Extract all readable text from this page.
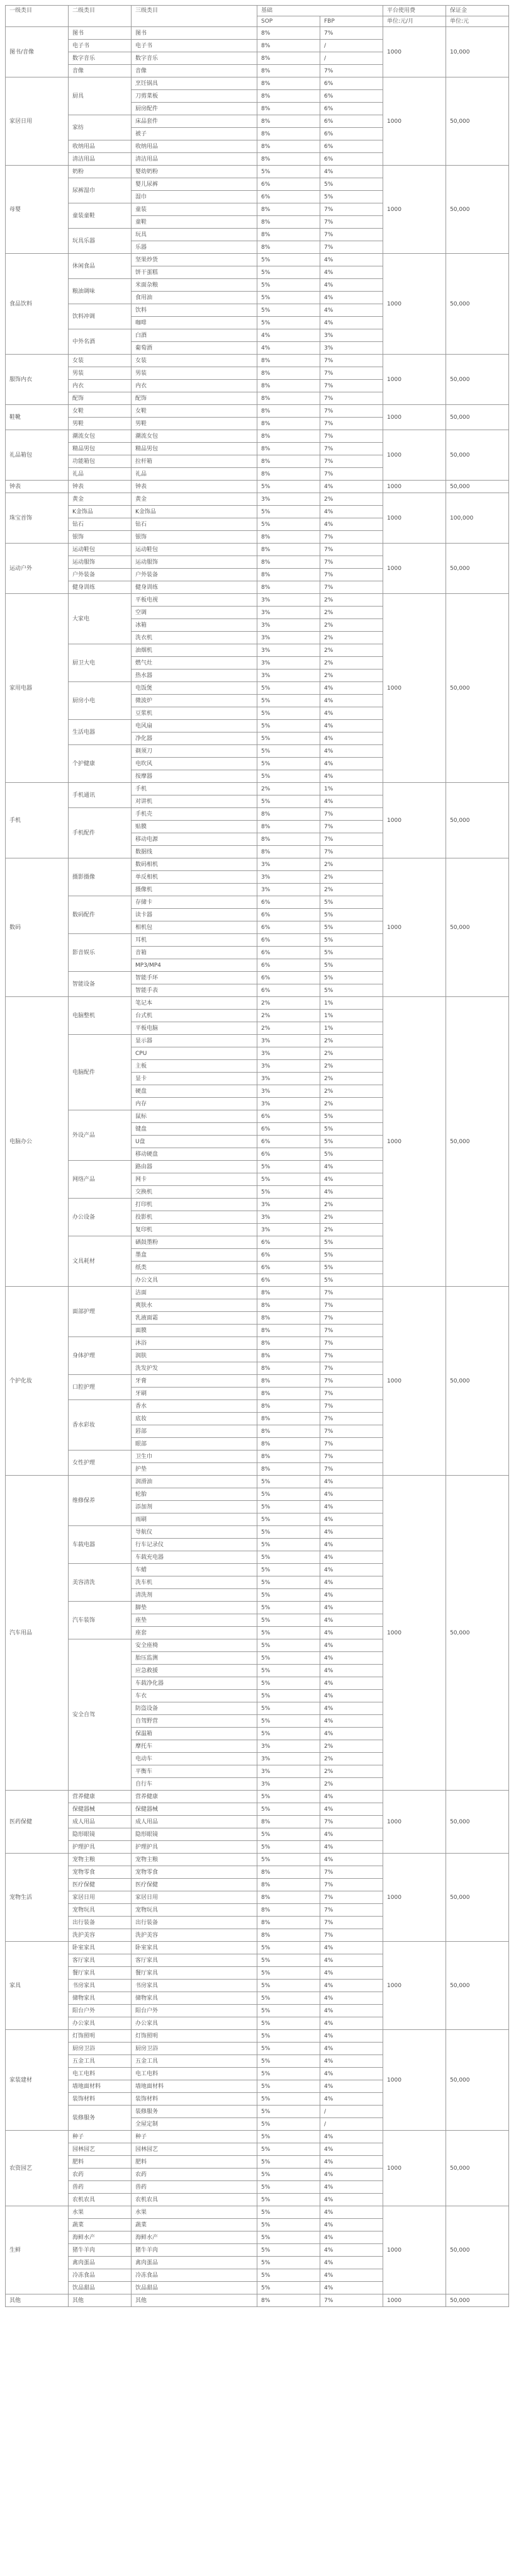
一级类目	二级类目	三级类目	基础		平台使用费	保证金
			SOP	FBP	单位:元/月	单位:元
图书/音像	图书	图书	8%	7%	1000	10,000
	电子书	电子书	8%	/		
	数字音乐	数字音乐	8%	/		
	音像	音像	8%	7%		
家居日用	厨具	烹饪锅具	8%	6%	1000	50,000
		刀剪菜板	8%	6%		
		厨房配件	8%	6%		
	家纺	床品套件	8%	6%		
		被子	8%	6%		
	收纳用品	收纳用品	8%	6%		
	清洁用品	清洁用品	8%	6%		
母婴	奶粉	婴幼奶粉	5%	4%	1000	50,000
	尿裤湿巾	婴儿尿裤	6%	5%		
		湿巾	6%	5%		
	童装童鞋	童装	8%	7%		
		童鞋	8%	7%		
	玩具乐器	玩具	8%	7%		
		乐器	8%	7%		
食品饮料	休闲食品	坚果炒货	5%	4%	1000	50,000
		饼干蛋糕	5%	4%		
	粮油调味	米面杂粮	5%	4%		
		食用油	5%	4%		
	饮料冲调	饮料	5%	4%		
		咖啡	5%	4%		
	中外名酒	白酒	4%	3%		
		葡萄酒	4%	3%		
服饰内衣	女装	女装	8%	7%	1000	50,000
	男装	男装	8%	7%		
	内衣	内衣	8%	7%		
	配饰	配饰	8%	7%		
鞋靴	女鞋	女鞋	8%	7%	1000	50,000
	男鞋	男鞋	8%	7%		
礼品箱包	潮流女包	潮流女包	8%	7%	1000	50,000
	精品男包	精品男包	8%	7%		
	功能箱包	拉杆箱	8%	7%		
	礼品	礼品	8%	7%		
钟表	钟表	钟表	5%	4%	1000	50,000
珠宝首饰	黄金	黄金	3%	2%	1000	100,000
	K金饰品	K金饰品	5%	4%		
	钻石	钻石	5%	4%		
	银饰	银饰	8%	7%		
运动户外	运动鞋包	运动鞋包	8%	7%	1000	50,000
	运动服饰	运动服饰	8%	7%		
	户外装备	户外装备	8%	7%		
	健身训练	健身训练	8%	7%		
家用电器	大家电	平板电视	3%	2%	1000	50,000
		空调	3%	2%		
		冰箱	3%	2%		
		洗衣机	3%	2%		
	厨卫大电	油烟机	3%	2%		
		燃气灶	3%	2%		
		热水器	3%	2%		
	厨房小电	电饭煲	5%	4%		
		微波炉	5%	4%		
		豆浆机	5%	4%		
	生活电器	电风扇	5%	4%		
		净化器	5%	4%		
	个护健康	剃须刀	5%	4%		
		电吹风	5%	4%		
		按摩器	5%	4%		
手机	手机通讯	手机	2%	1%	1000	50,000
		对讲机	5%	4%		
	手机配件	手机壳	8%	7%		
		贴膜	8%	7%		
		移动电源	8%	7%		
		数据线	8%	7%		
数码	摄影摄像	数码相机	3%	2%	1000	50,000
		单反相机	3%	2%		
		摄像机	3%	2%		
	数码配件	存储卡	6%	5%		
		读卡器	6%	5%		
		相机包	6%	5%		
	影音娱乐	耳机	6%	5%		
		音箱	6%	5%		
		MP3/MP4	6%	5%		
	智能设备	智能手环	6%	5%		
		智能手表	6%	5%		
电脑办公	电脑整机	笔记本	2%	1%	1000	50,000
		台式机	2%	1%		
		平板电脑	2%	1%		
	电脑配件	显示器	3%	2%		
		CPU	3%	2%		
		主板	3%	2%		
		显卡	3%	2%		
		硬盘	3%	2%		
		内存	3%	2%		
	外设产品	鼠标	6%	5%		
		键盘	6%	5%		
		U盘	6%	5%		
		移动硬盘	6%	5%		
	网络产品	路由器	5%	4%		
		网卡	5%	4%		
		交换机	5%	4%		
	办公设备	打印机	3%	2%		
		投影机	3%	2%		
		复印机	3%	2%		
	文具耗材	硒鼓墨粉	6%	5%		
		墨盒	6%	5%		
		纸类	6%	5%		
		办公文具	6%	5%		
个护化妆	面部护理	洁面	8%	7%	1000	50,000
		爽肤水	8%	7%		
		乳液面霜	8%	7%		
		面膜	8%	7%		
	身体护理	沐浴	8%	7%		
		润肤	8%	7%		
		洗发护发	8%	7%		
	口腔护理	牙膏	8%	7%		
		牙刷	8%	7%		
	香水彩妆	香水	8%	7%		
		底妆	8%	7%		
		唇部	8%	7%		
		眼部	8%	7%		
	女性护理	卫生巾	8%	7%		
		护垫	8%	7%		
汽车用品	维修保养	润滑油	5%	4%	1000	50,000
		轮胎	5%	4%		
		添加剂	5%	4%		
		雨刷	5%	4%		
	车载电器	导航仪	5%	4%		
		行车记录仪	5%	4%		
		车载充电器	5%	4%		
	美容清洗	车蜡	5%	4%		
		洗车机	5%	4%		
		清洗剂	5%	4%		
	汽车装饰	脚垫	5%	4%		
		座垫	5%	4%		
		座套	5%	4%		
	安全自驾	安全座椅	5%	4%		
		胎压监测	5%	4%		
		应急救援	5%	4%		
		车载净化器	5%	4%		
		车衣	5%	4%		
		防盗设备	5%	4%		
		自驾野营	5%	4%		
		保温箱	5%	4%		
		摩托车	3%	2%		
		电动车	3%	2%		
		平衡车	3%	2%		
		自行车	3%	2%		
医药保健	营养健康	营养健康	5%	4%	1000	50,000
	保健器械	保健器械	5%	4%		
	成人用品	成人用品	8%	7%		
	隐形眼镜	隐形眼镜	5%	4%		
	护理护具	护理护具	5%	4%		
宠物生活	宠物主粮	宠物主粮	5%	4%	1000	50,000
	宠物零食	宠物零食	8%	7%		
	医疗保健	医疗保健	8%	7%		
	家居日用	家居日用	8%	7%		
	宠物玩具	宠物玩具	8%	7%		
	出行装备	出行装备	8%	7%		
	洗护美容	洗护美容	8%	7%		
家具	卧室家具	卧室家具	5%	4%	1000	50,000
	客厅家具	客厅家具	5%	4%		
	餐厅家具	餐厅家具	5%	4%		
	书房家具	书房家具	5%	4%		
	储物家具	储物家具	5%	4%		
	阳台户外	阳台户外	5%	4%		
	办公家具	办公家具	5%	4%		
家装建材	灯饰照明	灯饰照明	5%	4%	1000	50,000
	厨房卫浴	厨房卫浴	5%	4%		
	五金工具	五金工具	5%	4%		
	电工电料	电工电料	5%	4%		
	墙地面材料	墙地面材料	5%	4%		
	装饰材料	装饰材料	5%	4%		
	装修服务	装修服务	5%	/		
		全屋定制	5%	/		
农资园艺	种子	种子	5%	4%	1000	50,000
	园林园艺	园林园艺	5%	4%		
	肥料	肥料	5%	4%		
	农药	农药	5%	4%		
	兽药	兽药	5%	4%		
	农机农具	农机农具	5%	4%		
生鲜	水果	水果	5%	4%	1000	50,000
	蔬菜	蔬菜	5%	4%		
	海鲜水产	海鲜水产	5%	4%		
	猪牛羊肉	猪牛羊肉	5%	4%		
	禽肉蛋品	禽肉蛋品	5%	4%		
	冷冻食品	冷冻食品	5%	4%		
	饮品甜品	饮品甜品	5%	4%		
其他	其他	其他	8%	7%	1000	50,000
